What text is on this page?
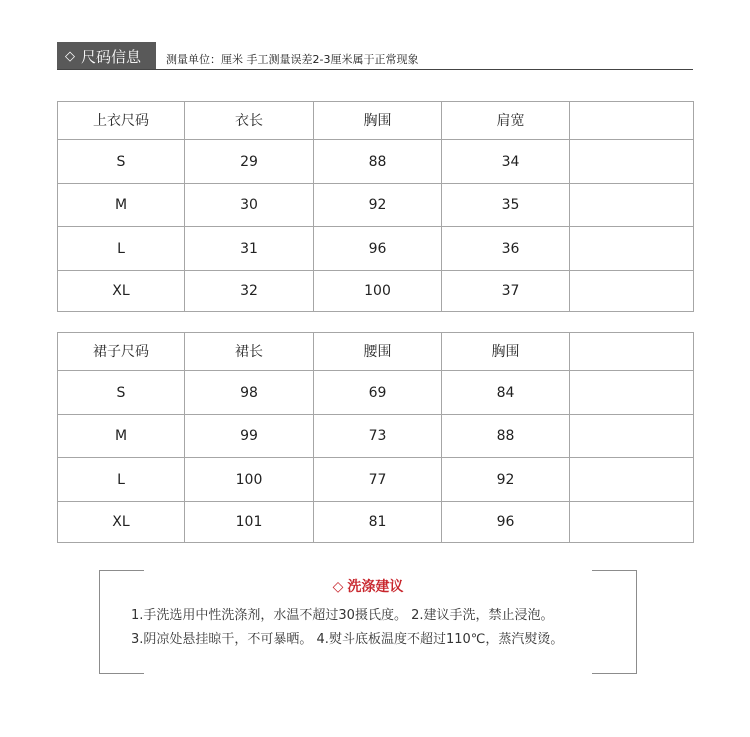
◇ 尺码信息 测量单位：厘米 手工测量误差2-3厘米属于正常现象
上衣尺码	衣长	胸围	肩宽	
S	29	88	34	
M	30	92	35	
L	31	96	36	
XL	32	100	37	
裙子尺码	裙长	腰围	胸围	
S	98	69	84	
M	99	73	88	
L	100	77	92	
XL	101	81	96	
◇ 洗涤建议
1.手洗选用中性洗涤剂，水温不超过30摄氏度。 2.建议手洗，禁止浸泡。
3.阴凉处悬挂晾干，不可暴晒。 4.熨斗底板温度不超过110℃，蒸汽熨烫。
